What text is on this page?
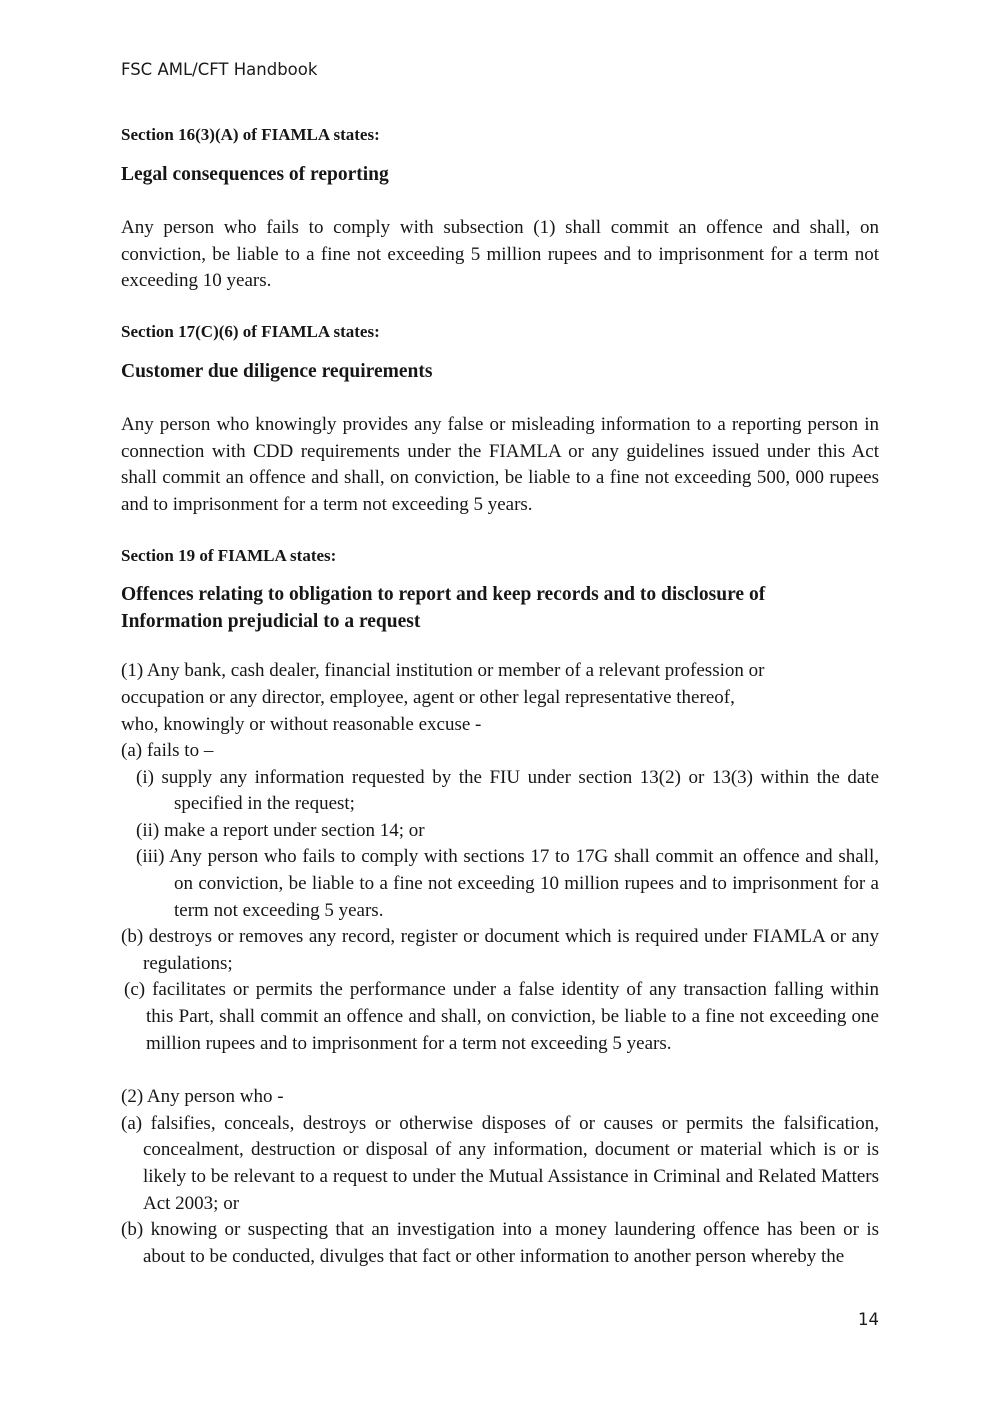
FSC AML/CFT Handbook

Section 16(3)(A) of FIAMLA states:

Legal consequences of reporting

Any person who fails to comply with subsection (1) shall commit an offence and shall, on conviction, be liable to a fine not exceeding 5 million rupees and to imprisonment for a term not exceeding 10 years.

Section 17(C)(6) of FIAMLA states:

Customer due diligence requirements

Any person who knowingly provides any false or misleading information to a reporting person in connection with CDD requirements under the FIAMLA or any guidelines issued under this Act shall commit an offence and shall, on conviction, be liable to a fine not exceeding 500, 000 rupees and to imprisonment for a term not exceeding 5 years.

Section 19 of FIAMLA states:

Offences relating to obligation to report and keep records and to disclosure of
Information prejudicial to a request

(1) Any bank, cash dealer, financial institution or member of a relevant profession or

occupation or any director, employee, agent or other legal representative thereof,

who, knowingly or without reasonable excuse -

(a) fails to –

(i) supply any information requested by the FIU under section 13(2) or 13(3) within the date specified in the request;

(ii) make a report under section 14; or

(iii) Any person who fails to comply with sections 17 to 17G shall commit an offence and shall, on conviction, be liable to a fine not exceeding 10 million rupees and to imprisonment for a term not exceeding 5 years.

(b) destroys or removes any record, register or document which is required under FIAMLA or any regulations;

(c) facilitates or permits the performance under a false identity of any transaction falling within this Part, shall commit an offence and shall, on conviction, be liable to a fine not exceeding one million rupees and to imprisonment for a term not exceeding 5 years.

(2) Any person who -

(a) falsifies, conceals, destroys or otherwise disposes of or causes or permits the falsification, concealment, destruction or disposal of any information, document or material which is or is likely to be relevant to a request to under the Mutual Assistance in Criminal and Related Matters Act 2003; or

(b) knowing or suspecting that an investigation into a money laundering offence has been or is about to be conducted, divulges that fact or other information to another person whereby the

14
